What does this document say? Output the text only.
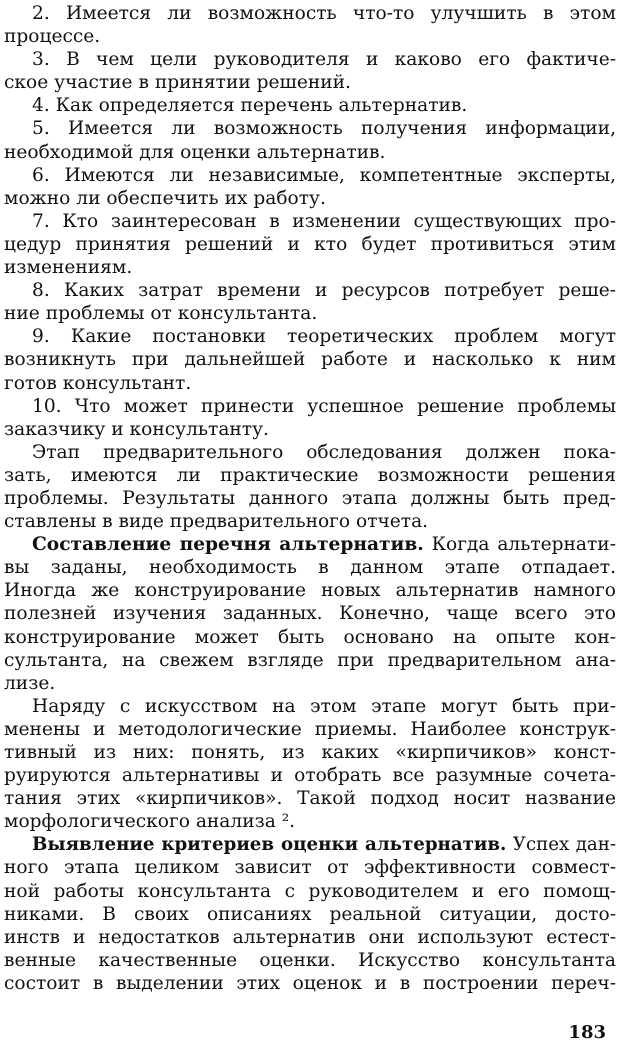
2. Имеется ли возможность что-то улучшить в этом
процессе.
3. В чем цели руководителя и каково его фактиче-
ское участие в принятии решений.
4. Как определяется перечень альтернатив.
5. Имеется ли возможность получения информации,
необходимой для оценки альтернатив.
6. Имеются ли независимые, компетентные эксперты,
можно ли обеспечить их работу.
7. Кто заинтересован в изменении существующих про-
цедур принятия решений и кто будет противиться этим
изменениям.
8. Каких затрат времени и ресурсов потребует реше-
ние проблемы от консультанта.
9. Какие постановки теоретических проблем могут
возникнуть при дальнейшей работе и насколько к ним
готов консультант.
10. Что может принести успешное решение проблемы
заказчику и консультанту.
Этап предварительного обследования должен пока-
зать, имеются ли практические возможности решения
проблемы. Результаты данного этапа должны быть пред-
ставлены в виде предварительного отчета.
Составление перечня альтернатив. Когда альтернати-
вы заданы, необходимость в данном этапе отпадает.
Иногда же конструирование новых альтернатив намного
полезней изучения заданных. Конечно, чаще всего это
конструирование может быть основано на опыте кон-
сультанта, на свежем взгляде при предварительном ана-
лизе.
Наряду с искусством на этом этапе могут быть при-
менены и методологические приемы. Наиболее конструк-
тивный из них: понять, из каких «кирпичиков» конст-
руируются альтернативы и отобрать все разумные сочета-
тания этих «кирпичиков». Такой подход носит название
морфологического анализа ².
Выявление критериев оценки альтернатив. Успех дан-
ного этапа целиком зависит от эффективности совмест-
ной работы консультанта с руководителем и его помощ-
никами. В своих описаниях реальной ситуации, досто-
инств и недостатков альтернатив они используют естест-
венные качественные оценки. Искусство консультанта
состоит в выделении этих оценок и в построении переч-
183
